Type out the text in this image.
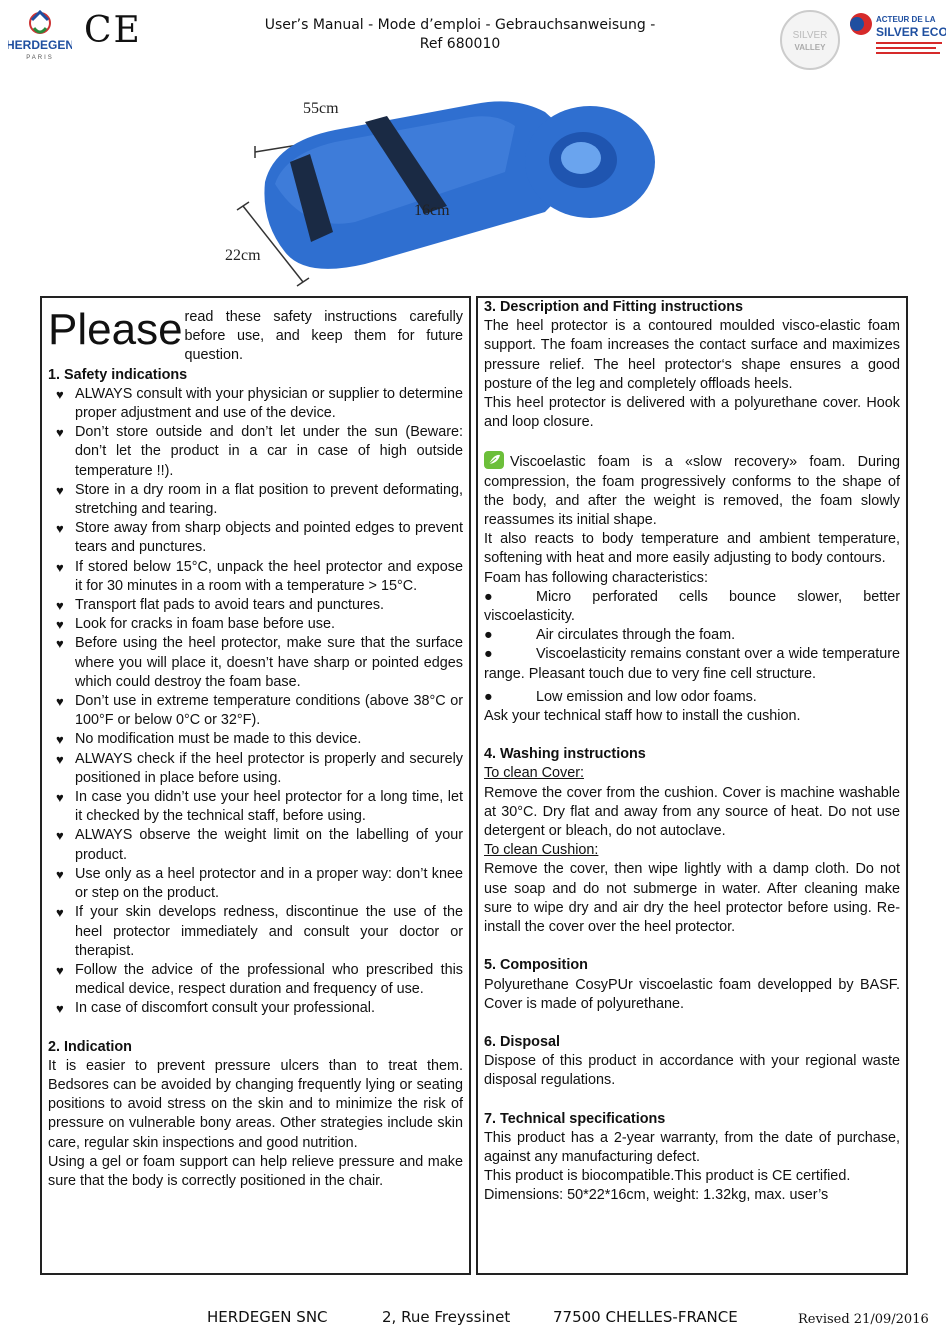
HERDEGEN
PARIS
CE	User’s Manual - Mode d’emploi - Gebrauchsanweisung -
Ref 680010
SILVER
VALLEY
ACTEUR DE LA
SILVER ECO
55cm
16cm
22cm
Please read these safety instructions carefully before use, and keep them for future question.
1. Safety indications
♥ ALWAYS consult with your physician or supplier to determine proper adjustment and use of the device.
♥ Don’t store outside and don’t let under the sun (Beware: don’t let the product in a car in case of high outside temperature !!).
♥ Store in a dry room in a flat position to prevent deformating, stretching and tearing.
♥ Store away from sharp objects and pointed edges to prevent tears and punctures.
♥ If stored below 15°C, unpack the heel protector and expose it for 30 minutes in a room with a temperature > 15°C.
♥ Transport flat pads to avoid tears and punctures.
♥ Look for cracks in foam base before use.
♥ Before using the heel protector, make sure that the surface where you will place it, doesn’t have sharp or pointed edges which could destroy the foam base.
♥ Don’t use in extreme temperature conditions (above 38°C or 100°F or below 0°C or 32°F).
♥ No modification must be made to this device.
♥ ALWAYS check if the heel protector is properly and securely positioned in place before using.
♥ In case you didn’t use your heel protector for a long time, let it checked by the technical staff, before using.
♥ ALWAYS observe the weight limit on the labelling of your product.
♥ Use only as a heel protector and in a proper way: don’t knee or step on the product.
♥ If your skin develops redness, discontinue the use of the heel protector immediately and consult your doctor or therapist.
♥ Follow the advice of the professional who prescribed this medical device, respect duration and frequency of use.
♥ In case of discomfort consult your professional.
2. Indication
It is easier to prevent pressure ulcers than to treat them. Bedsores can be avoided by changing frequently lying or seating positions to avoid stress on the skin and to minimize the risk of pressure on vulnerable bony areas. Other strategies include skin care, regular skin inspections and good nutrition.
Using a gel or foam support can help relieve pressure and make sure that the body is correctly positioned in the chair.
3. Description and Fitting instructions
The heel protector is a contoured moulded visco-elastic foam support. The foam increases the contact surface and maximizes pressure relief. The heel protector‘s shape ensures a good posture of the leg and completely offloads heels.
This heel protector is delivered with a polyurethane cover. Hook and loop closure.
Viscoelastic foam is a «slow recovery» foam. During compression, the foam progressively conforms to the shape of the body, and after the weight is removed, the foam slowly reassumes its initial shape.
It also reacts to body temperature and ambient temperature, softening with heat and more easily adjusting to body contours.
Foam has following characteristics:
●	Micro perforated cells bounce slower, better viscoelasticity.
●	Air circulates through the foam.
●	Viscoelasticity remains constant over a wide temperature range. Pleasant touch due to very fine cell structure.
●	Low emission and low odor foams.
Ask your technical staff how to install the cushion.
4. Washing instructions
To clean Cover:
Remove the cover from the cushion. Cover is machine washable at 30°C. Dry flat and away from any source of heat. Do not use detergent or bleach, do not autoclave.
To clean Cushion:
Remove the cover, then wipe lightly with a damp cloth. Do not use soap and do not submerge in water. After cleaning make sure to wipe dry and air dry the heel protector before using. Re-install the cover over the heel protector.
5. Composition
Polyurethane CosyPUr viscoelastic foam developped by BASF. Cover is made of polyurethane.
6. Disposal
Dispose of this product in accordance with your regional waste disposal regulations.
7. Technical specifications
This product has a 2-year warranty, from the date of purchase, against any manufacturing defect.
This product is biocompatible.This product is CE certified.
Dimensions: 50*22*16cm, weight: 1.32kg, max. user’s
HERDEGEN SNC	2, Rue Freyssinet	77500 CHELLES-FRANCE	Revised 21/09/2016
